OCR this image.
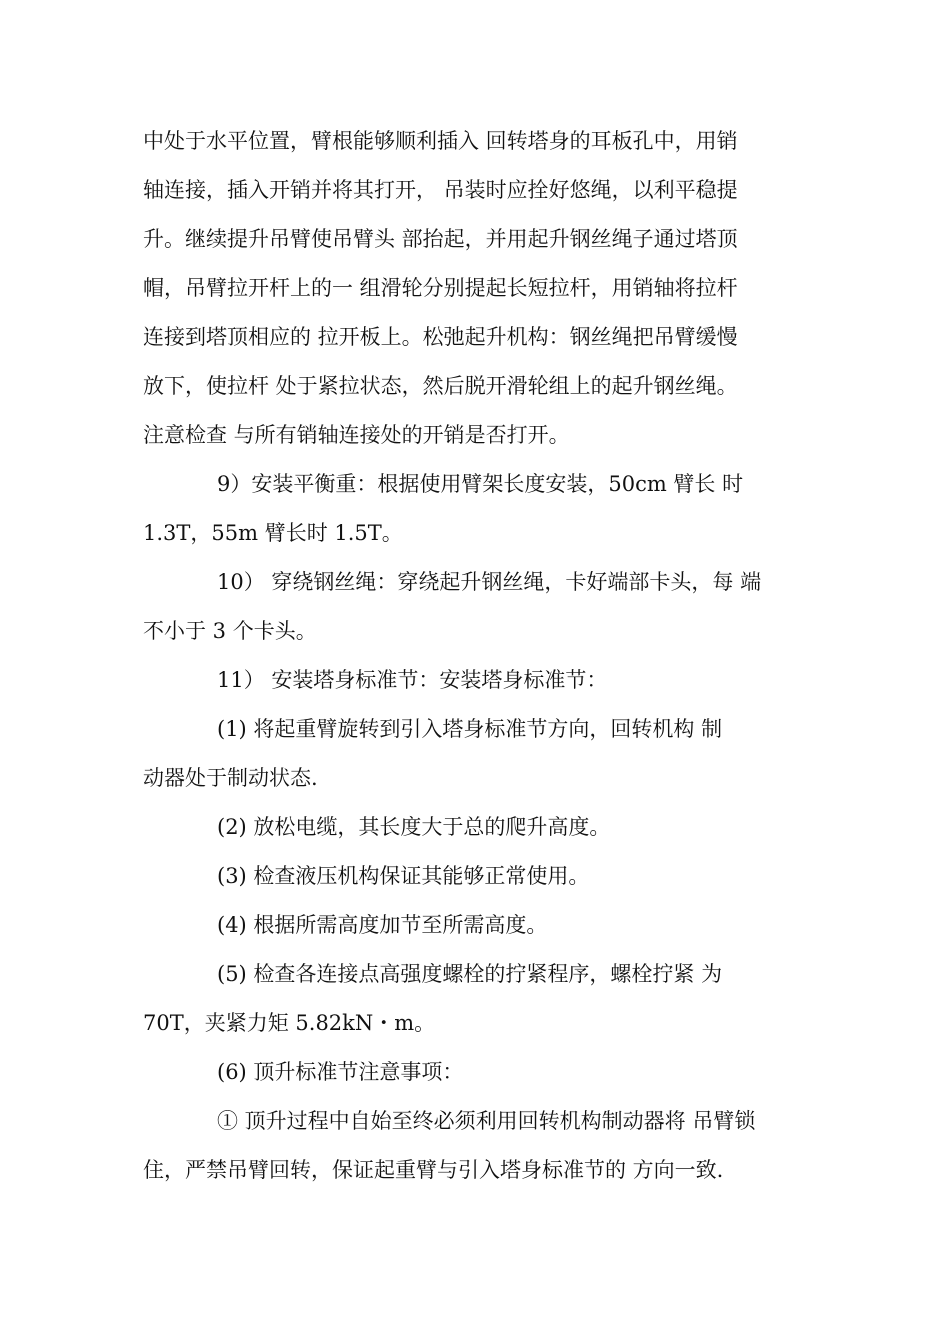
中处于水平位置，臂根能够顺利插入 回转塔身的耳板孔中，用销
轴连接，插入开销并将其打开， 吊装时应拴好悠绳，以利平稳提
升。继续提升吊臂使吊臂头 部抬起，并用起升钢丝绳子通过塔顶
帽，吊臂拉开杆上的一 组滑轮分别提起长短拉杆，用销轴将拉杆
连接到塔顶相应的 拉开板上。松弛起升机构：钢丝绳把吊臂缓慢
放下，使拉杆 处于紧拉状态，然后脱开滑轮组上的起升钢丝绳。
注意检查 与所有销轴连接处的开销是否打开。

9）安装平衡重：根据使用臂架长度安装，50cm 臂长 时
1.3T，55m 臂长时 1.5T。

10） 穿绕钢丝绳：穿绕起升钢丝绳，卡好端部卡头，每 端
不小于 3 个卡头。

11） 安装塔身标准节：安装塔身标准节：

(1) 将起重臂旋转到引入塔身标准节方向，回转机构 制
动器处于制动状态.

(2) 放松电缆，其长度大于总的爬升高度。

(3) 检查液压机构保证其能够正常使用。

(4) 根据所需高度加节至所需高度。

(5) 检查各连接点高强度螺栓的拧紧程序，螺栓拧紧 为
70T，夹紧力矩 5.82kN・m。

(6) 顶升标准节注意事项：

① 顶升过程中自始至终必须利用回转机构制动器将 吊臂锁
住，严禁吊臂回转，保证起重臂与引入塔身标准节的 方向一致.
